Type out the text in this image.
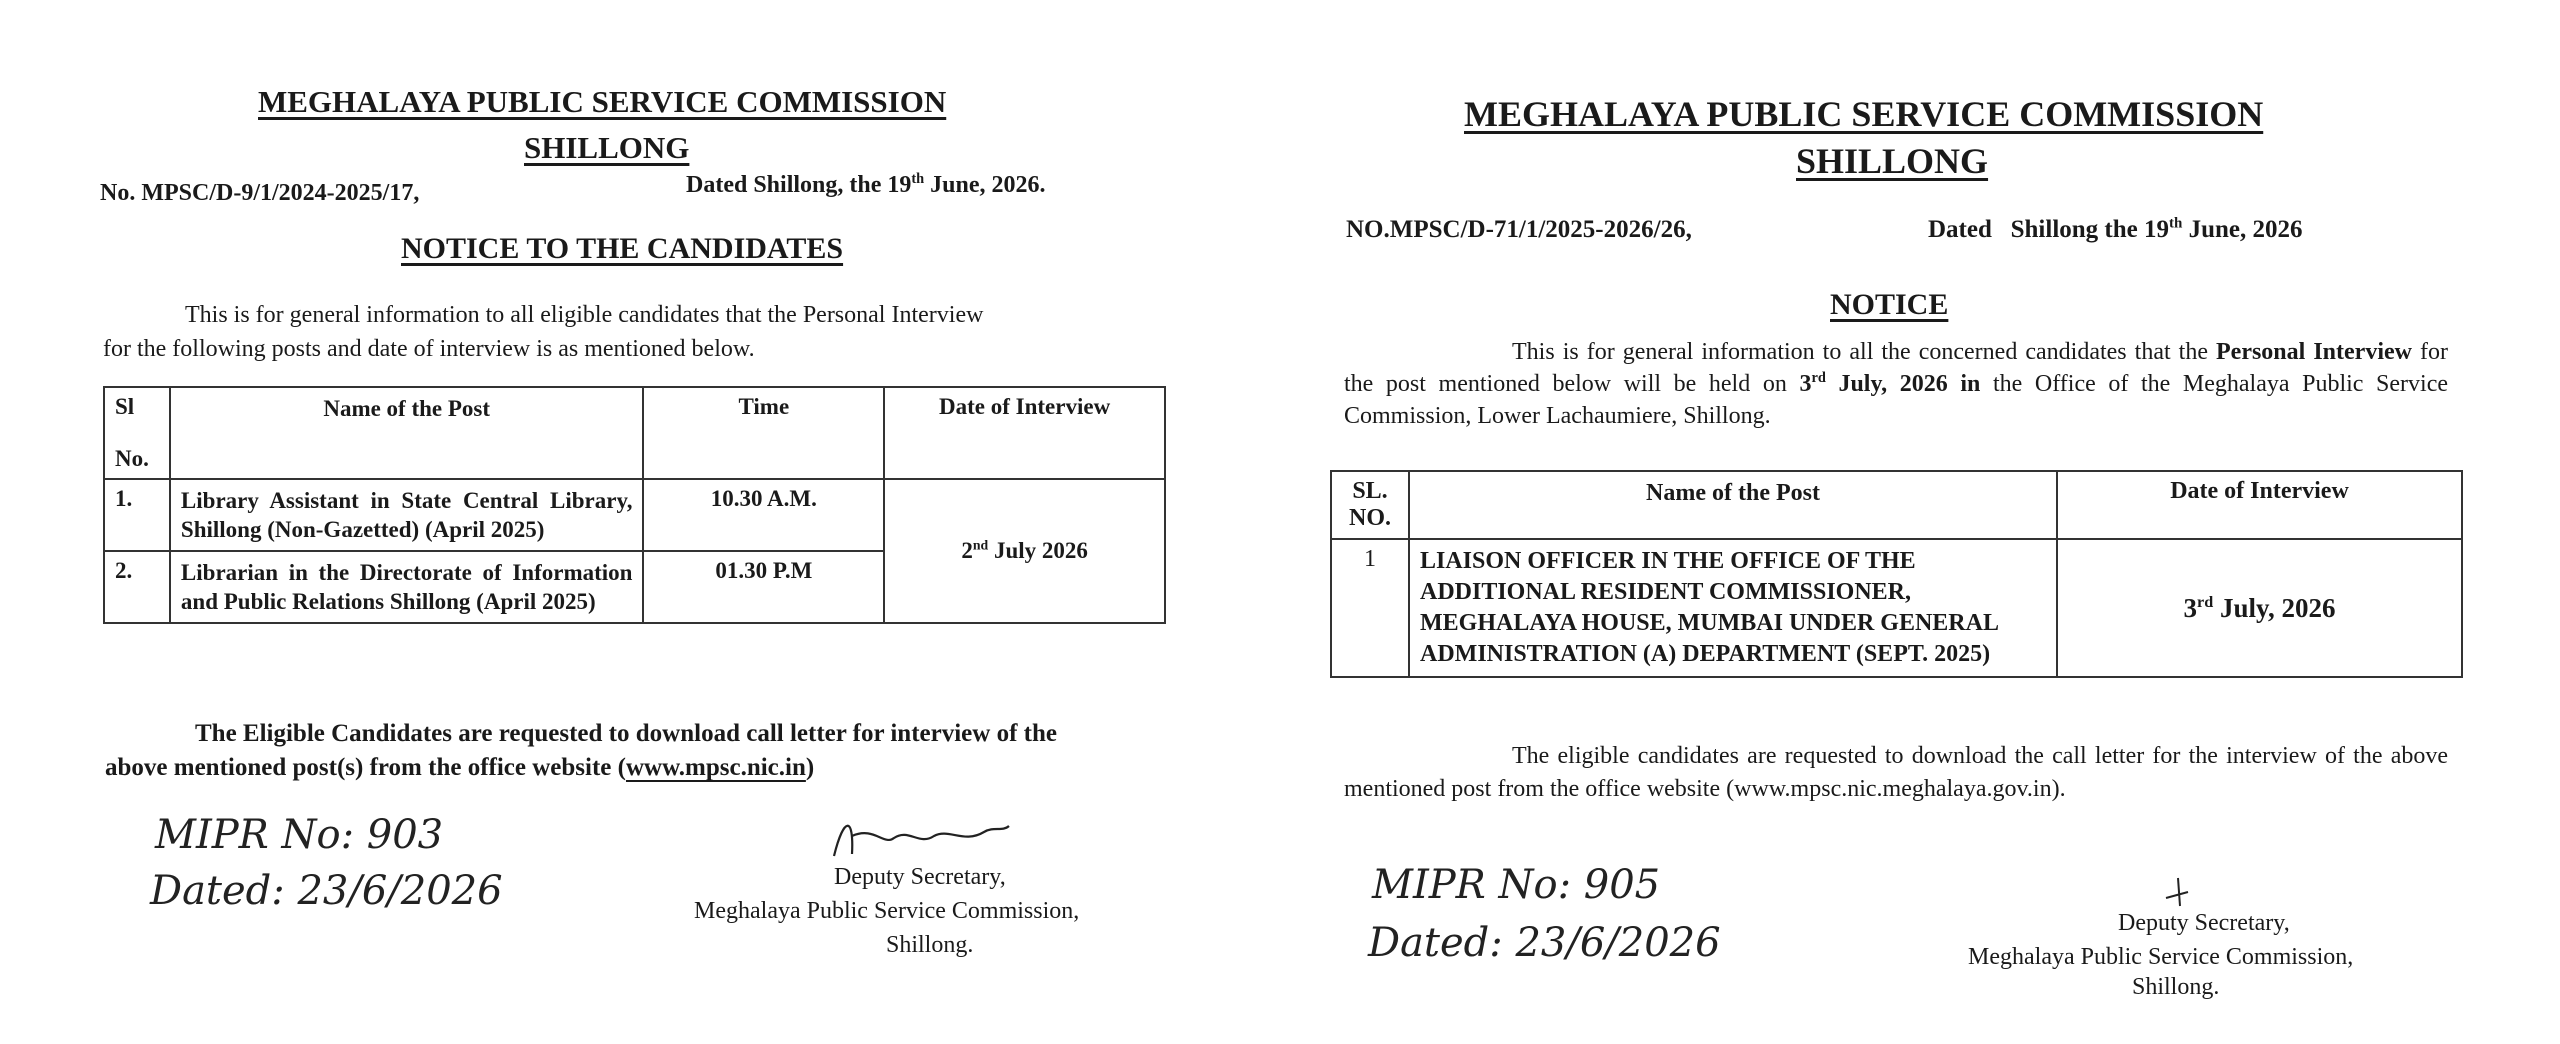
MEGHALAYA PUBLIC SERVICE COMMISSION
SHILLONG
No. MPSC/D-9/1/2024-2025/17,	Dated Shillong, the 19th June, 2026.
NOTICE TO THE CANDIDATES
This is for general information to all eligible candidates that the Personal Interview
for the following posts and date of interview is as mentioned below.
Sl

No.	Name of the Post	Time	Date of Interview
1.	Library Assistant in State Central Library, Shillong (Non-Gazetted) (April 2025)	10.30 A.M.	2nd July 2026
2.	Librarian in the Directorate of Information and Public Relations Shillong (April 2025)	01.30 P.M	
The Eligible Candidates are requested to download call letter for interview of the
above mentioned post(s) from the office website (www.mpsc.nic.in)
MIPR No: 903
Dated: 23/6/2026	Deputy Secretary,
Meghalaya Public Service Commission,
Shillong.
MEGHALAYA PUBLIC SERVICE COMMISSION
SHILLONG
NO.MPSC/D-71/1/2025-2026/26,	Dated   Shillong the 19th June, 2026
NOTICE
This is for general information to all the concerned candidates that the Personal Interview for the post mentioned below will be held on 3rd July, 2026 in the Office of the Meghalaya Public Service Commission, Lower Lachaumiere, Shillong.
SL.
NO.	Name of the Post	Date of Interview
1	LIAISON OFFICER IN THE OFFICE OF THE ADDITIONAL RESIDENT COMMISSIONER, MEGHALAYA HOUSE, MUMBAI UNDER GENERAL ADMINISTRATION (A) DEPARTMENT (SEPT. 2025)	3rd July, 2026
The eligible candidates are requested to download the call letter for the interview of the above mentioned post from the office website (www.mpsc.nic.meghalaya.gov.in).
MIPR No: 905
Dated: 23/6/2026	Deputy Secretary,
Meghalaya Public Service Commission,
Shillong.
